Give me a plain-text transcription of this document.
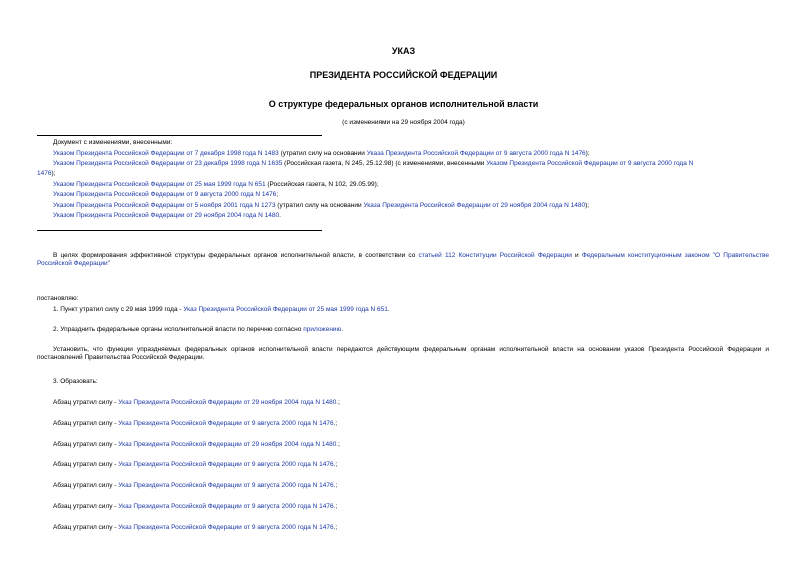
УКАЗ
ПРЕЗИДЕНТА РОССИЙСКОЙ ФЕДЕРАЦИИ
О структуре федеральных органов исполнительной власти
(с изменениями на 29 ноября 2004 года)
Документ с изменениями, внесенными:
Указом Президента Российской Федерации от 7 декабря 1998 года N 1483 (утратил силу на основании Указа Президента Российской Федерации от 9 августа 2000 года N 1476);
Указом Президента Российской Федерации от 23 декабря 1998 года N 1635 (Российская газета, N 245, 25.12.98) (с изменениями, внесенными Указом Президента Российской Федерации от 9 августа 2000 года N
1476);
Указом Президента Российской Федерации от 25 мая 1999 года N 651 (Российская газета, N 102, 29.05.99);
Указом Президента Российской Федерации от 9 августа 2000 года N 1476;
Указом Президента Российской Федерации от 5 ноября 2001 года N 1273 (утратил силу на основании Указа Президента Российской Федерации от 29 ноября 2004 года N 1480);
Указом Президента Российской Федерации от 29 ноября 2004 года N 1480.
В целях формирования эффективной структуры федеральных органов исполнительной власти, в соответствии со статьей 112 Конституции Российской Федерации и Федеральным конституционным законом "О Правительстве Российской Федерации"
постановляю:
1. Пункт утратил силу с 29 мая 1999 года - Указ Президента Российской Федерации от 25 мая 1999 года N 651.
2. Упразднить федеральные органы исполнительной власти по перечню согласно приложению.
Установить, что функции упраздняемых федеральных органов исполнительной власти передаются действующим федеральным органам исполнительной власти на основании указов Президента Российской Федерации и постановлений Правительства Российской Федерации.
3. Образовать:
Абзац утратил силу - Указ Президента Российской Федерации от 29 ноября 2004 года N 1480.;
Абзац утратил силу - Указ Президента Российской Федерации от 9 августа 2000 года N 1476.;
Абзац утратил силу - Указ Президента Российской Федерации от 29 ноября 2004 года N 1480.;
Абзац утратил силу - Указ Президента Российской Федерации от 9 августа 2000 года N 1476.;
Абзац утратил силу - Указ Президента Российской Федерации от 9 августа 2000 года N 1476.;
Абзац утратил силу - Указ Президента Российской Федерации от 9 августа 2000 года N 1476.;
Абзац утратил силу - Указ Президента Российской Федерации от 9 августа 2000 года N 1476.;
